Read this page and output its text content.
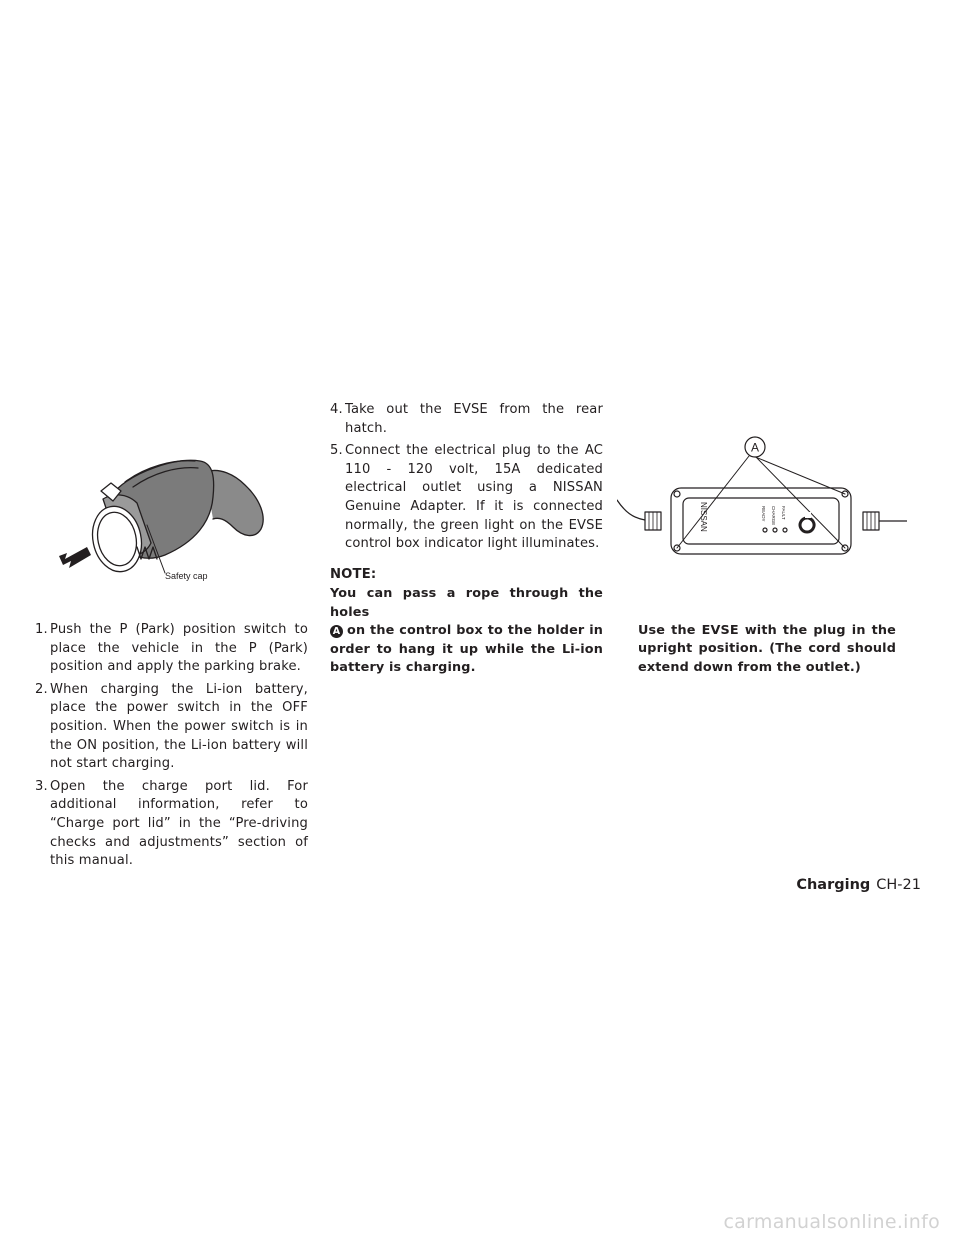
Safety cap
A
NISSAN	READY CHARGE FAULT
1. Push the P (Park) position switch to place the vehicle in the P (Park) position and apply the parking brake.
2. When charging the Li-ion battery, place the power switch in the OFF position. When the power switch is in the ON position, the Li-ion battery will not start charging.
3. Open the charge port lid. For additional information, refer to “Charge port lid” in the “Pre-driving checks and adjustments” section of this manual.
4. Take out the EVSE from the rear hatch.
5. Connect the electrical plug to the AC 110 - 120 volt, 15A dedicated electrical outlet using a NISSAN Genuine Adapter. If it is connected normally, the green light on the EVSE control box indicator light illuminates.
NOTE:
You can pass a rope through the holes
A on the control box to the holder in order to hang it up while the Li-ion battery is charging.
Use the EVSE with the plug in the upright position. (The cord should extend down from the outlet.)
Charging CH-21
carmanualsonline.info
